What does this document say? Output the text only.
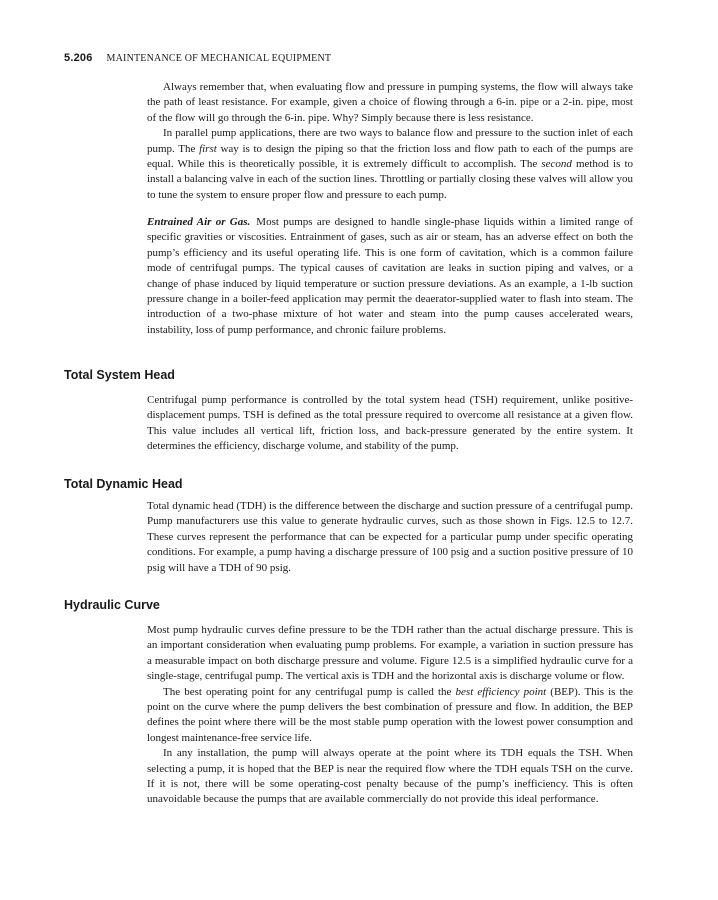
5.206 MAINTENANCE OF MECHANICAL EQUIPMENT

Always remember that, when evaluating flow and pressure in pumping systems, the flow will always take the path of least resistance. For example, given a choice of flowing through a 6-in. pipe or a 2-in. pipe, most of the flow will go through the 6-in. pipe. Why? Simply because there is less resistance.

In parallel pump applications, there are two ways to balance flow and pressure to the suction inlet of each pump. The first way is to design the piping so that the friction loss and flow path to each of the pumps are equal. While this is theoretically possible, it is extremely difficult to accomplish. The second method is to install a balancing valve in each of the suction lines. Throttling or partially closing these valves will allow you to tune the system to ensure proper flow and pressure to each pump.

Entrained Air or Gas. Most pumps are designed to handle single-phase liquids within a limited range of specific gravities or viscosities. Entrainment of gases, such as air or steam, has an adverse effect on both the pump’s efficiency and its useful operating life. This is one form of cavitation, which is a common failure mode of centrifugal pumps. The typical causes of cavitation are leaks in suction piping and valves, or a change of phase induced by liquid temperature or suction pressure deviations. As an example, a 1-lb suction pressure change in a boiler-feed application may permit the deaerator-supplied water to flash into steam. The introduction of a two-phase mixture of hot water and steam into the pump causes accelerated wears, instability, loss of pump performance, and chronic failure problems.

Total System Head

Centrifugal pump performance is controlled by the total system head (TSH) requirement, unlike positive-displacement pumps. TSH is defined as the total pressure required to overcome all resistance at a given flow. This value includes all vertical lift, friction loss, and back-pressure generated by the entire system. It determines the efficiency, discharge volume, and stability of the pump.

Total Dynamic Head

Total dynamic head (TDH) is the difference between the discharge and suction pressure of a centrifugal pump. Pump manufacturers use this value to generate hydraulic curves, such as those shown in Figs. 12.5 to 12.7. These curves represent the performance that can be expected for a particular pump under specific operating conditions. For example, a pump having a discharge pressure of 100 psig and a suction positive pressure of 10 psig will have a TDH of 90 psig.

Hydraulic Curve

Most pump hydraulic curves define pressure to be the TDH rather than the actual discharge pressure. This is an important consideration when evaluating pump problems. For example, a variation in suction pressure has a measurable impact on both discharge pressure and volume. Figure 12.5 is a simplified hydraulic curve for a single-stage, centrifugal pump. The vertical axis is TDH and the horizontal axis is discharge volume or flow.

The best operating point for any centrifugal pump is called the best efficiency point (BEP). This is the point on the curve where the pump delivers the best combination of pressure and flow. In addition, the BEP defines the point where there will be the most stable pump operation with the lowest power consumption and longest maintenance-free service life.

In any installation, the pump will always operate at the point where its TDH equals the TSH. When selecting a pump, it is hoped that the BEP is near the required flow where the TDH equals TSH on the curve. If it is not, there will be some operating-cost penalty because of the pump’s inefficiency. This is often unavoidable because the pumps that are available commercially do not provide this ideal performance.
